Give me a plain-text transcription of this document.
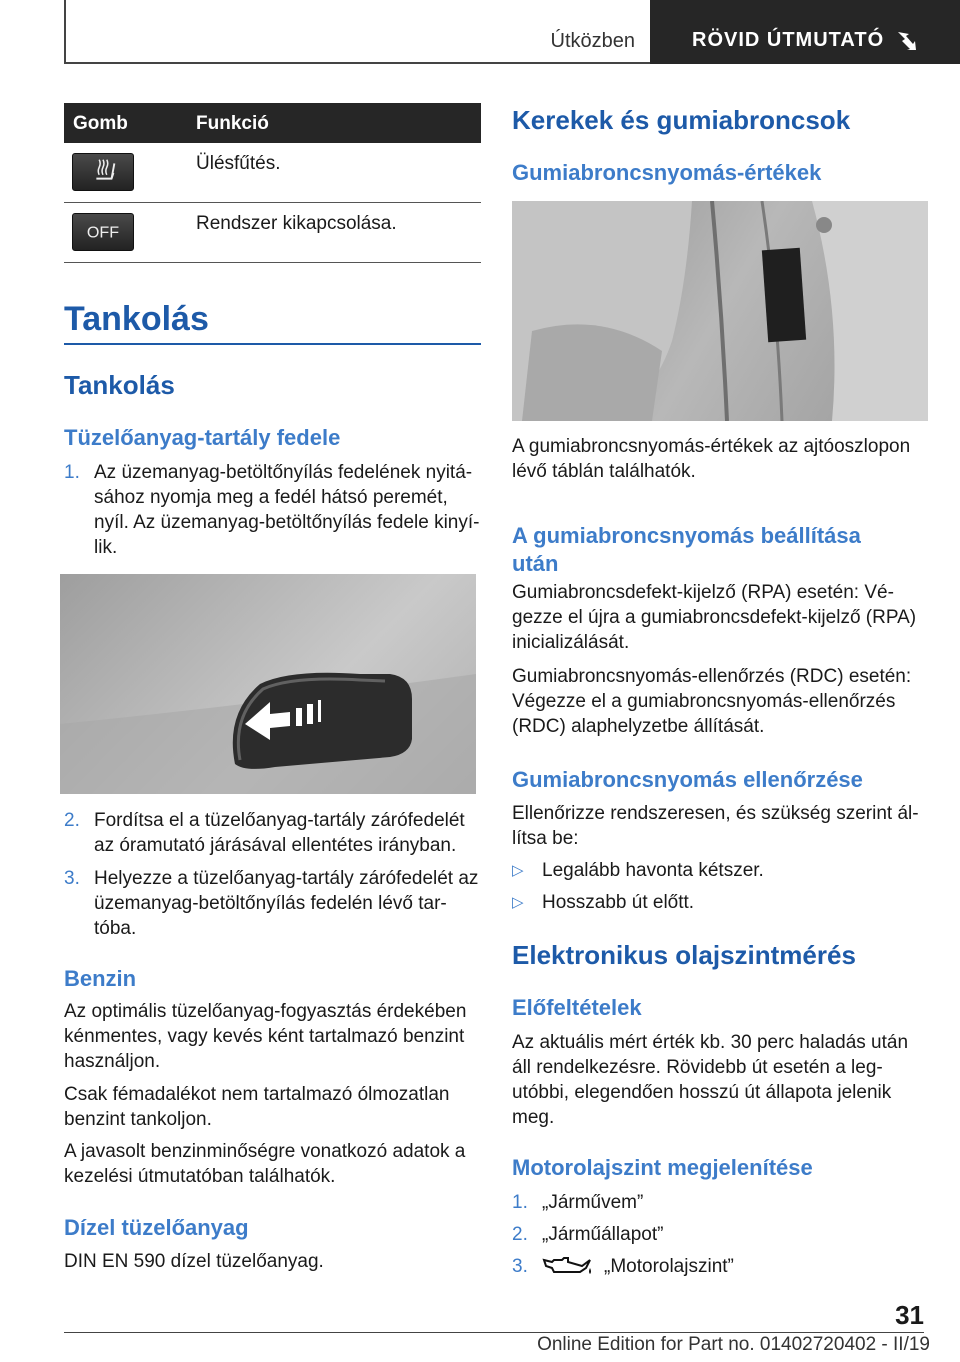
Útközben	RÖVID ÚTMUTATÓ
Gomb	Funkció
Ülésfűtés.
OFF	Rendszer kikapcsolása.
Tankolás
Tankolás
Tüzelőanyag-tartály fedele
1. Az üzemanyag-betöltőnyílás fedelének nyitá-
sához nyomja meg a fedél hátsó peremét,
nyíl. Az üzemanyag-betöltőnyílás fedele kinyí-
lik.
2. Fordítsa el a tüzelőanyag-tartály zárófedelét
az óramutató járásával ellentétes irányban.
3. Helyezze a tüzelőanyag-tartály zárófedelét az
üzemanyag-betöltőnyílás fedelén lévő tar-
tóba.
Benzin
Az optimális tüzelőanyag-fogyasztás érdekében
kénmentes, vagy kevés ként tartalmazó benzint
használjon.
Csak fémadalékot nem tartalmazó ólmozatlan
benzint tankoljon.
A javasolt benzinminőségre vonatkozó adatok a
kezelési útmutatóban találhatók.
Dízel tüzelőanyag
DIN EN 590 dízel tüzelőanyag.
Kerekek és gumiabroncsok
Gumiabroncsnyomás-értékek
A gumiabroncsnyomás-értékek az ajtóoszlopon
lévő táblán találhatók.
A gumiabroncsnyomás beállítása
után
Gumiabroncsdefekt-kijelző (RPA) esetén: Vé-
gezze el újra a gumiabroncsdefekt-kijelző (RPA)
inicializálását.
Gumiabroncsnyomás-ellenőrzés (RDC) esetén:
Végezze el a gumiabroncsnyomás-ellenőrzés
(RDC) alaphelyzetbe állítását.
Gumiabroncsnyomás ellenőrzése
Ellenőrizze rendszeresen, és szükség szerint ál-
lítsa be:
▷ Legalább havonta kétszer.
▷ Hosszabb út előtt.
Elektronikus olajszintmérés
Előfeltételek
Az aktuális mért érték kb. 30 perc haladás után
áll rendelkezésre. Rövidebb út esetén a leg-
utóbbi, elegendően hosszú út állapota jelenik
meg.
Motorolajszint megjelenítése
1. „Járművem”
2. „Járműállapot”
3.	„Motorolajszint”
31
Online Edition for Part no. 01402720402 - II/19
